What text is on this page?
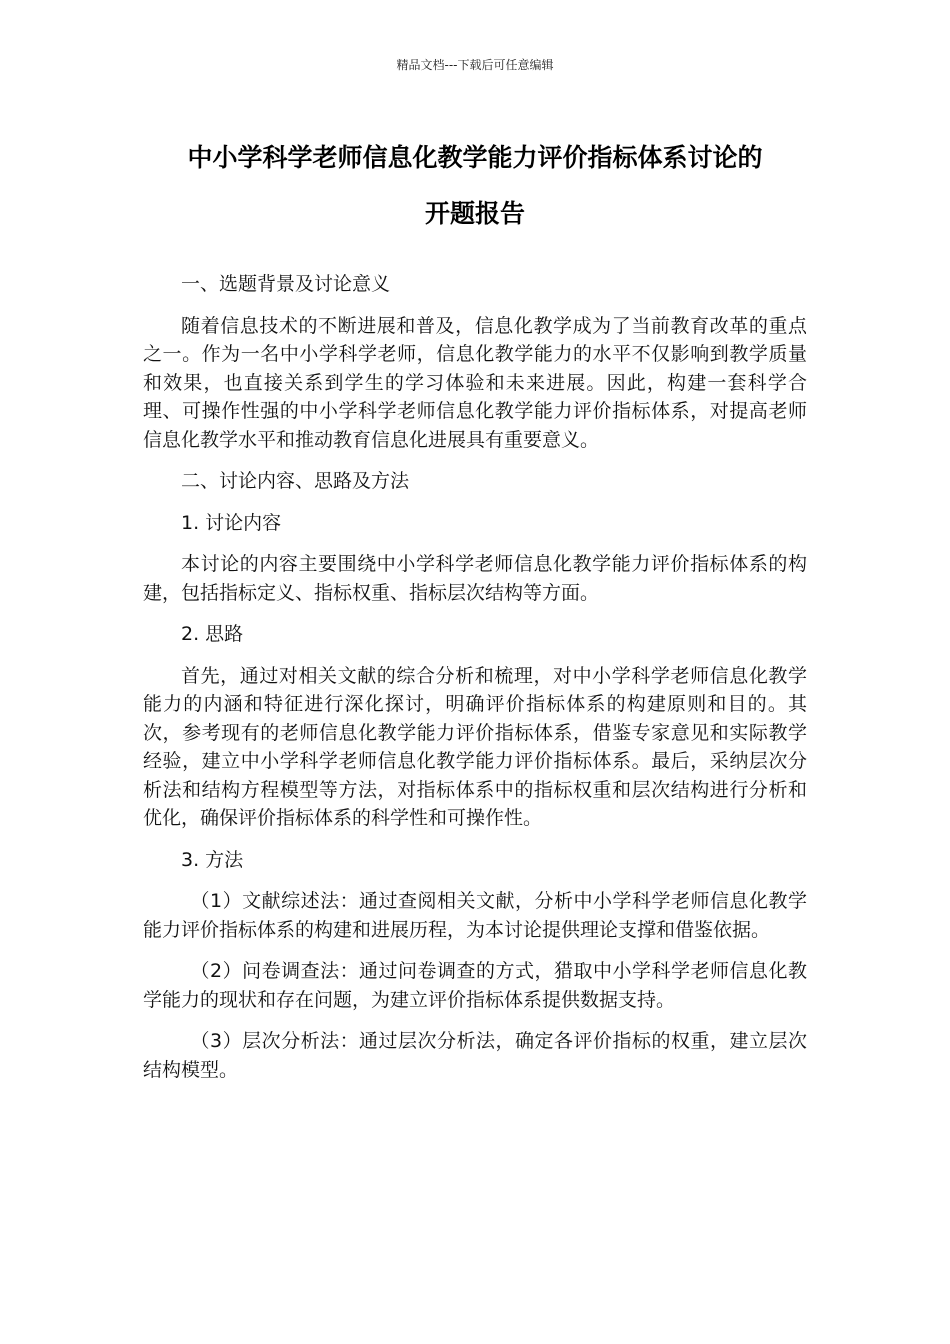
精品文档---下载后可任意编辑
中小学科学老师信息化教学能力评价指标体系讨论的
开题报告

一、选题背景及讨论意义

随着信息技术的不断进展和普及，信息化教学成为了当前教育改革的重点之一。作为一名中小学科学老师，信息化教学能力的水平不仅影响到教学质量和效果，也直接关系到学生的学习体验和未来进展。因此，构建一套科学合理、可操作性强的中小学科学老师信息化教学能力评价指标体系，对提高老师信息化教学水平和推动教育信息化进展具有重要意义。

二、讨论内容、思路及方法

1. 讨论内容

本讨论的内容主要围绕中小学科学老师信息化教学能力评价指标体系的构建，包括指标定义、指标权重、指标层次结构等方面。

2. 思路

首先，通过对相关文献的综合分析和梳理，对中小学科学老师信息化教学能力的内涵和特征进行深化探讨，明确评价指标体系的构建原则和目的。其次，参考现有的老师信息化教学能力评价指标体系，借鉴专家意见和实际教学经验，建立中小学科学老师信息化教学能力评价指标体系。最后，采纳层次分析法和结构方程模型等方法，对指标体系中的指标权重和层次结构进行分析和优化，确保评价指标体系的科学性和可操作性。

3. 方法

（1）文献综述法：通过查阅相关文献，分析中小学科学老师信息化教学能力评价指标体系的构建和进展历程，为本讨论提供理论支撑和借鉴依据。

（2）问卷调查法：通过问卷调查的方式，猎取中小学科学老师信息化教学能力的现状和存在问题，为建立评价指标体系提供数据支持。

（3）层次分析法：通过层次分析法，确定各评价指标的权重，建立层次结构模型。
